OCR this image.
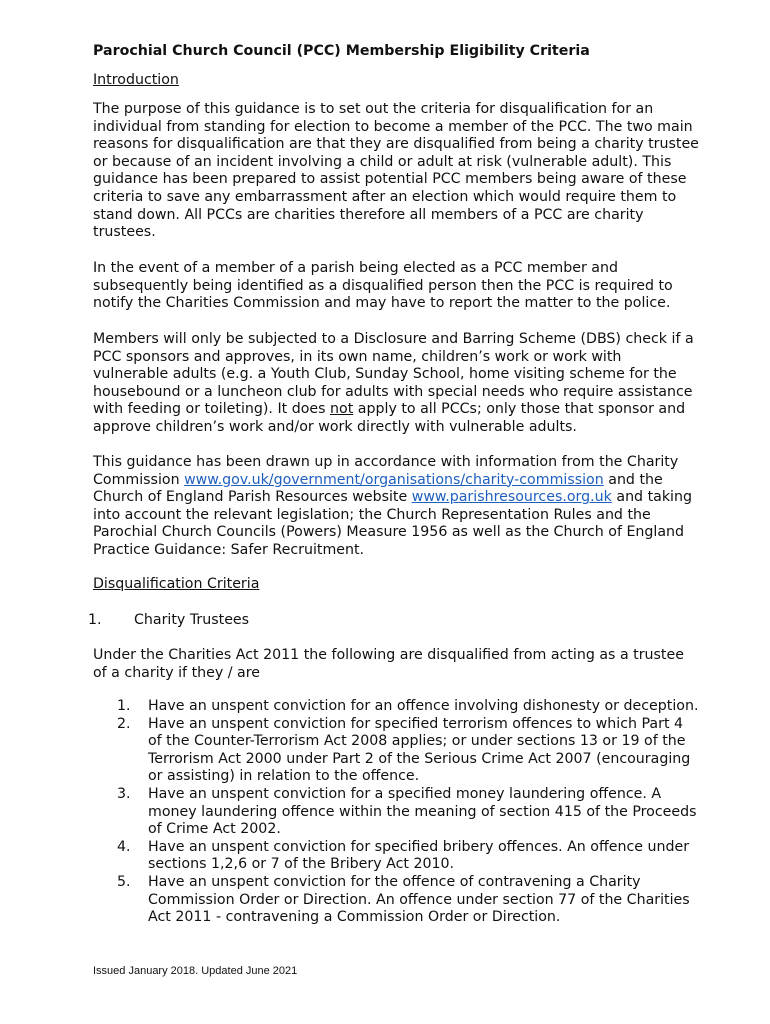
Parochial Church Council (PCC) Membership Eligibility Criteria
Introduction
The purpose of this guidance is to set out the criteria for disqualification for an
individual from standing for election to become a member of the PCC. The two main
reasons for disqualification are that they are disqualified from being a charity trustee
or because of an incident involving a child or adult at risk (vulnerable adult). This
guidance has been prepared to assist potential PCC members being aware of these
criteria to save any embarrassment after an election which would require them to
stand down. All PCCs are charities therefore all members of a PCC are charity
trustees.
In the event of a member of a parish being elected as a PCC member and
subsequently being identified as a disqualified person then the PCC is required to
notify the Charities Commission and may have to report the matter to the police.
Members will only be subjected to a Disclosure and Barring Scheme (DBS) check if a
PCC sponsors and approves, in its own name, children’s work or work with
vulnerable adults (e.g. a Youth Club, Sunday School, home visiting scheme for the
housebound or a luncheon club for adults with special needs who require assistance
with feeding or toileting). It does not apply to all PCCs; only those that sponsor and
approve children’s work and/or work directly with vulnerable adults.
This guidance has been drawn up in accordance with information from the Charity
Commission www.gov.uk/government/organisations/charity-commission and the
Church of England Parish Resources website www.parishresources.org.uk and taking
into account the relevant legislation; the Church Representation Rules and the
Parochial Church Councils (Powers) Measure 1956 as well as the Church of England
Practice Guidance: Safer Recruitment.
Disqualification Criteria
1. Charity Trustees
Under the Charities Act 2011 the following are disqualified from acting as a trustee
of a charity if they / are
1. Have an unspent conviction for an offence involving dishonesty or deception.
2. Have an unspent conviction for specified terrorism offences to which Part 4
of the Counter-Terrorism Act 2008 applies; or under sections 13 or 19 of the
Terrorism Act 2000 under Part 2 of the Serious Crime Act 2007 (encouraging
or assisting) in relation to the offence.
3. Have an unspent conviction for a specified money laundering offence. A
money laundering offence within the meaning of section 415 of the Proceeds
of Crime Act 2002.
4. Have an unspent conviction for specified bribery offences. An offence under
sections 1,2,6 or 7 of the Bribery Act 2010.
5. Have an unspent conviction for the offence of contravening a Charity
Commission Order or Direction. An offence under section 77 of the Charities
Act 2011 - contravening a Commission Order or Direction.
Issued January 2018. Updated June 2021
